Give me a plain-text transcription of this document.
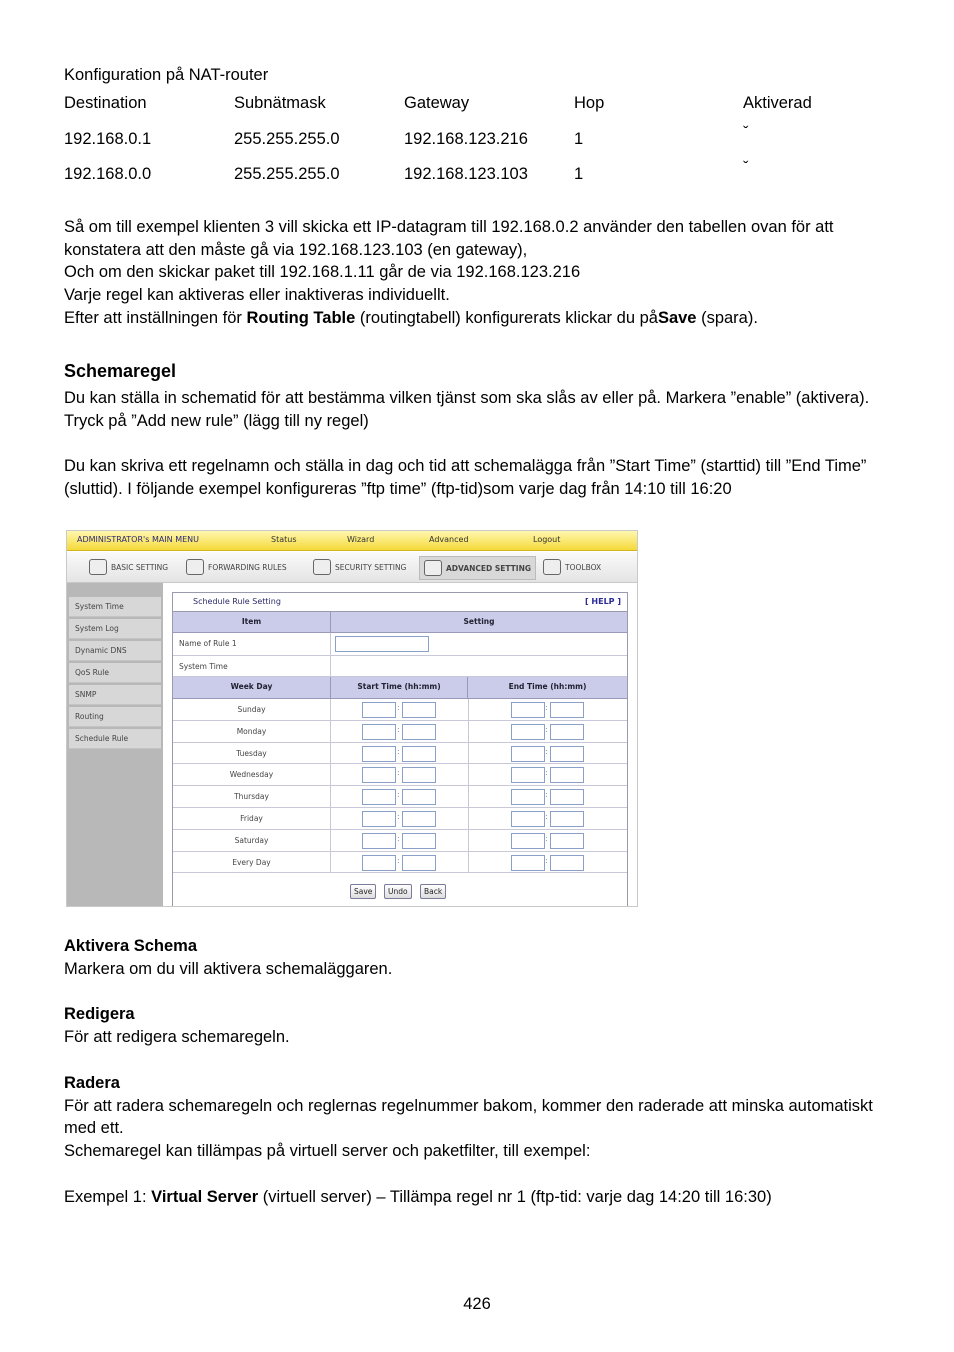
Konfiguration på NAT-router
Destination	Subnätmask	Gateway	Hop	Aktiverad
192.168.0.1	255.255.255.0	192.168.123.216	1	ˇ
192.168.0.0	255.255.255.0	192.168.123.103	1	ˇ

Så om till exempel klienten 3 vill skicka ett IP-datagram till 192.168.0.2 använder den tabellen ovan för att konstatera att den måste gå via 192.168.123.103 (en gateway),

Och om den skickar paket till 192.168.1.11 går de via 192.168.123.216

Varje regel kan aktiveras eller inaktiveras individuellt.

Efter att inställningen för Routing Table (routingtabell) konfigurerats klickar du påSave (spara).

Schemaregel

Du kan ställa in schematid för att bestämma vilken tjänst som ska slås av eller på. Markera ”enable” (aktivera).

Tryck på ”Add new rule” (lägg till ny regel)

Du kan skriva ett regelnamn och ställa in dag och tid att schemalägga från ”Start Time” (starttid) till ”End Time” (sluttid). I följande exempel konfigureras ”ftp time” (ftp-tid)som varje dag från 14:10 till 16:20

ADMINISTRATOR's MAIN MENU	Status	Wizard	Advanced	Logout
BASIC SETTING	FORWARDING RULES	SECURITY SETTING	ADVANCED SETTING	TOOLBOX
System Time
System Log
Dynamic DNS
QoS Rule
SNMP
Routing
Schedule Rule
Schedule Rule Setting	[ HELP ]
Item	Setting
Name of Rule 1
System Time
Week Day	Start Time (hh:mm)	End Time (hh:mm)
Sunday	:	:
Monday	:	:
Tuesday	:	:
Wednesday	:	:
Thursday	:	:
Friday	:	:
Saturday	:	:
Every Day	:	:
Save	Undo	Back
Aktivera Schema

Markera om du vill aktivera schemaläggaren.

Redigera

För att redigera schemaregeln.

Radera

För att radera schemaregeln och reglernas regelnummer bakom, kommer den raderade att minska automatiskt med ett.

Schemaregel kan tillämpas på virtuell server och paketfilter, till exempel:

Exempel 1: Virtual Server (virtuell server) – Tillämpa regel nr 1 (ftp-tid: varje dag 14:20 till 16:30)

426
